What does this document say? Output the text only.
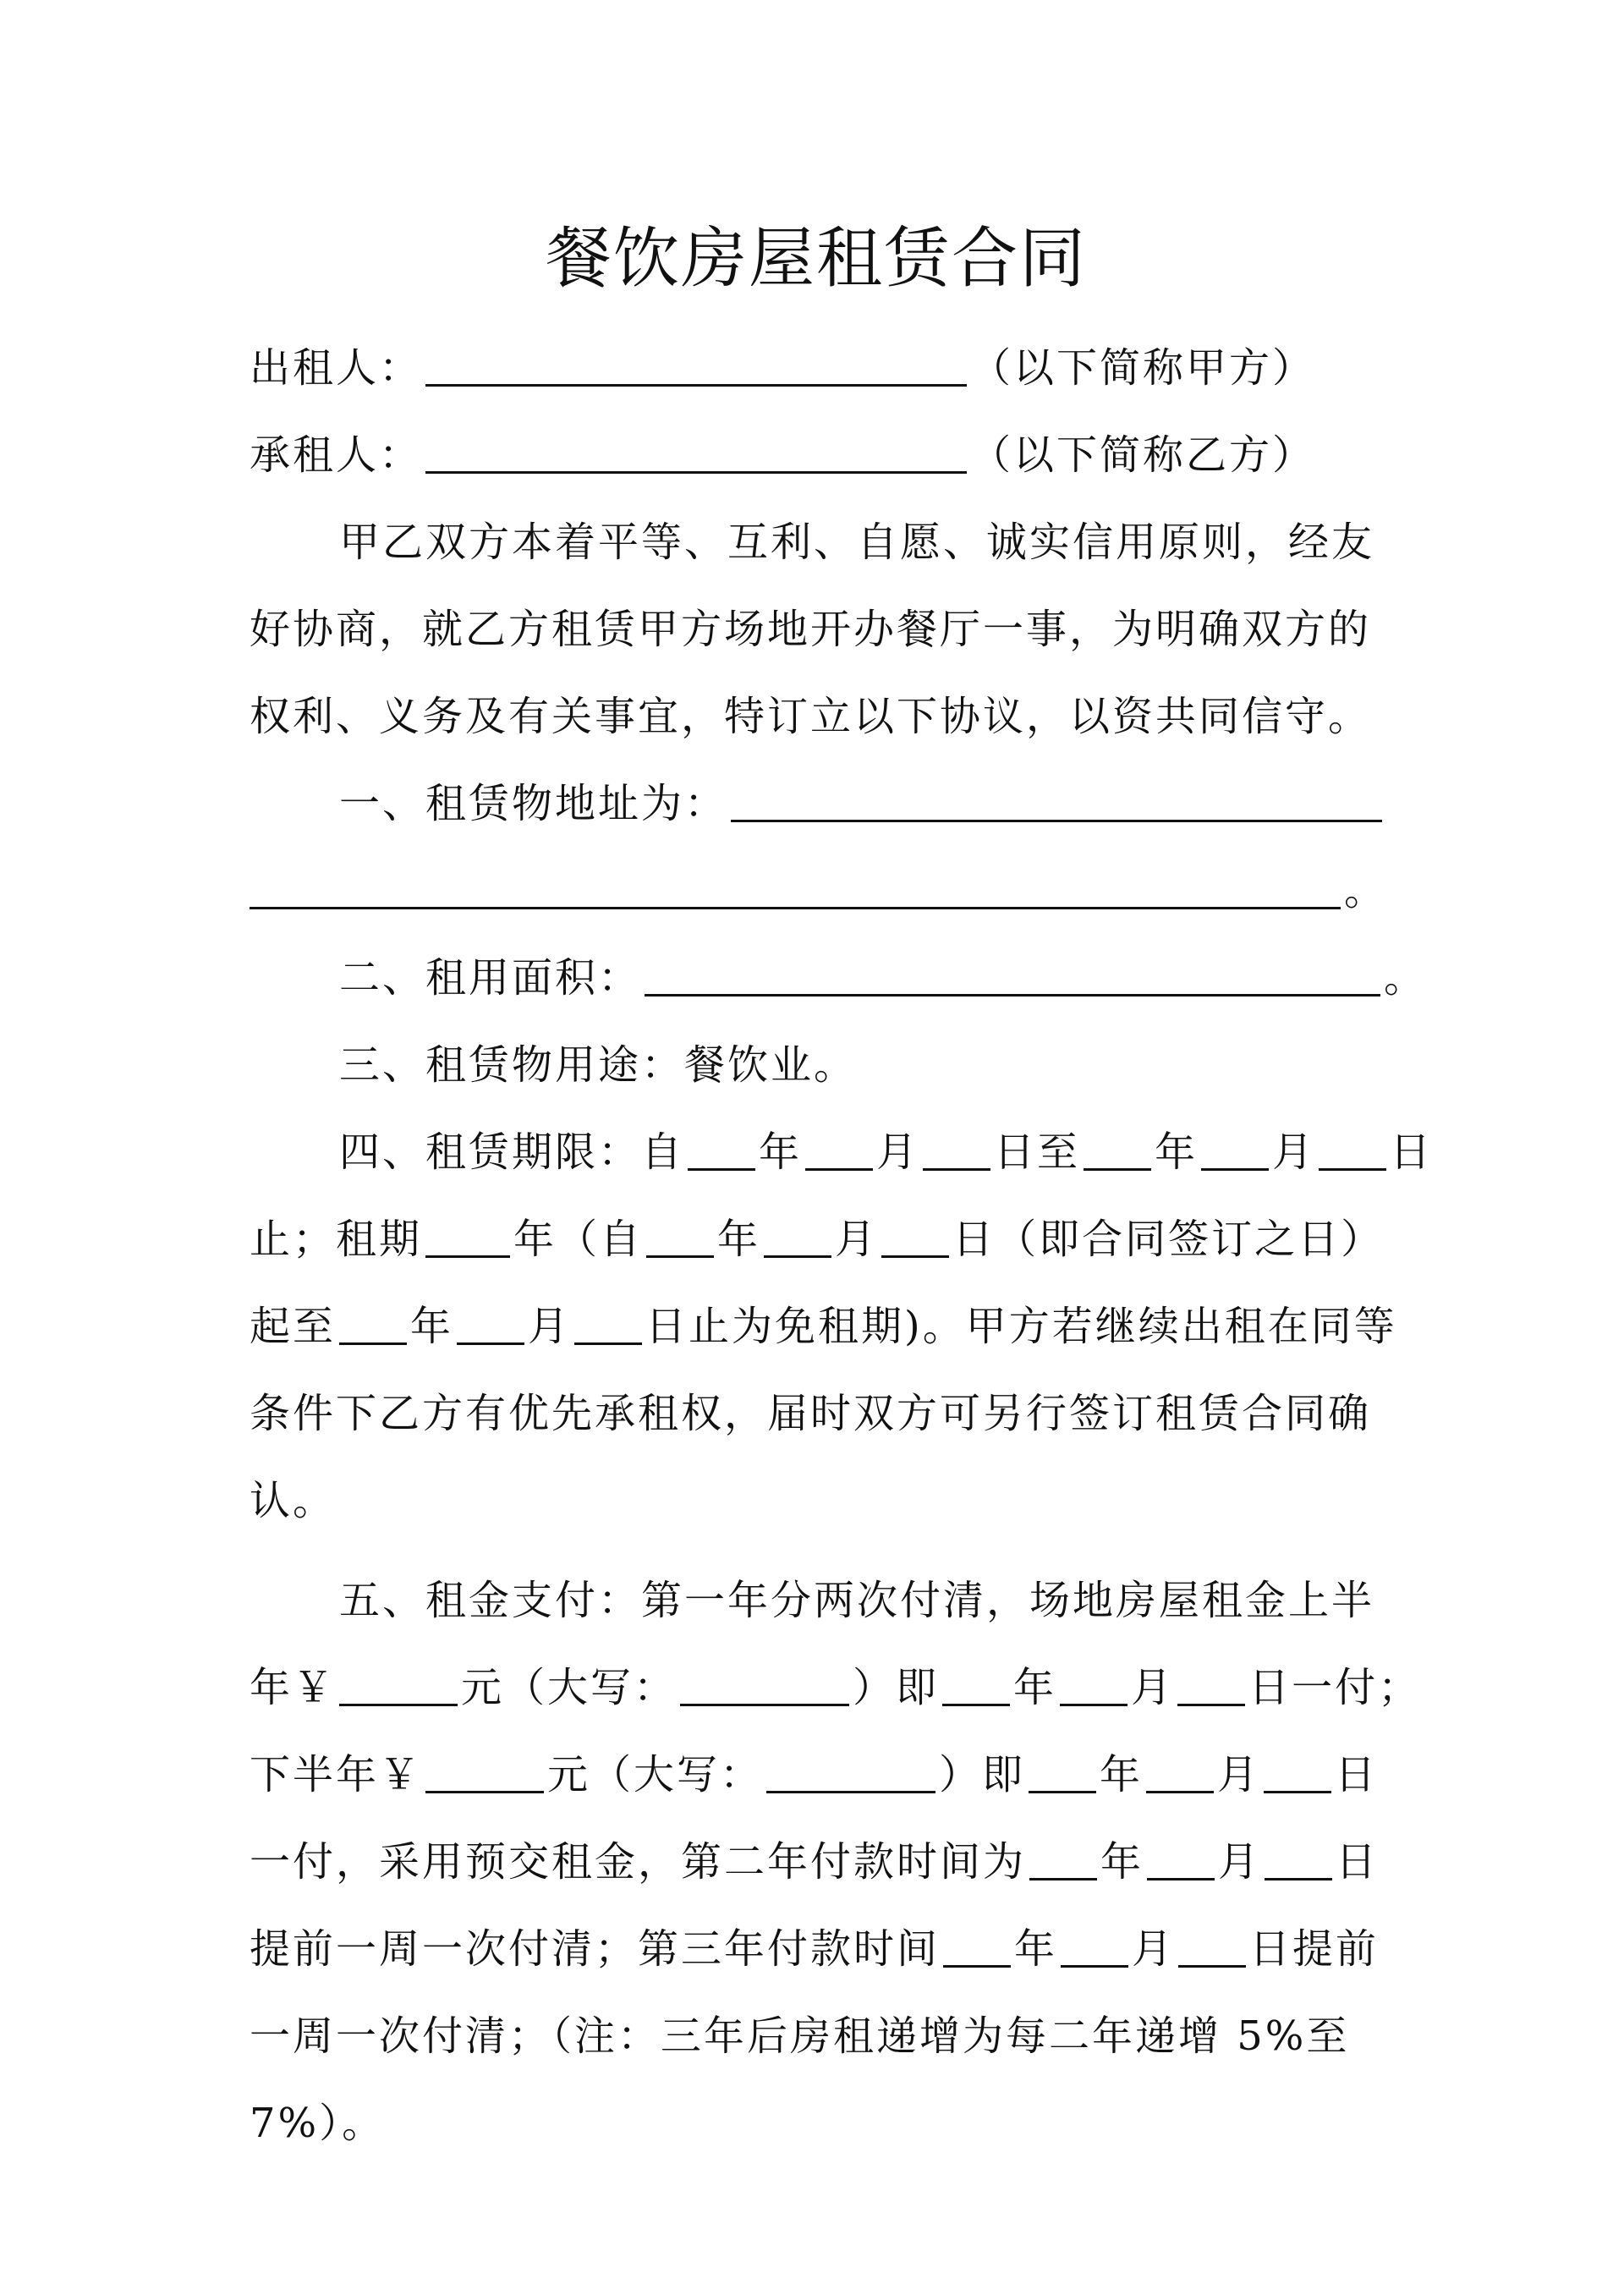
餐饮房屋租赁合同
出租人：	（以下简称甲方）
承租人：	（以下简称乙方）
甲乙双方本着平等、互利、自愿、诚实信用原则，经友
好协商，就乙方租赁甲方场地开办餐厅一事，为明确双方的
权利、义务及有关事宜，特订立以下协议，以资共同信守。
一、租赁物地址为：
。
二、租用面积：	。
三、租赁物用途：餐饮业。
四、租赁期限：自 年 月 日至 年 月 日
止；租期 年（自 年 月 日（即合同签订之日）
起至 年 月 日止为免租期)。甲方若继续出租在同等
条件下乙方有优先承租权，届时双方可另行签订租赁合同确
认。
五、租金支付：第一年分两次付清，场地房屋租金上半
年￥	元（大写：	）即 年 月 日一付；
下半年￥	元（大写：	）即 年 月 日
一付，采用预交租金，第二年付款时间为 年 月 日
提前一周一次付清；第三年付款时间 年 月 日提前
一周一次付清；（注：三年后房租递增为每二年递增 5%至
7%）。
